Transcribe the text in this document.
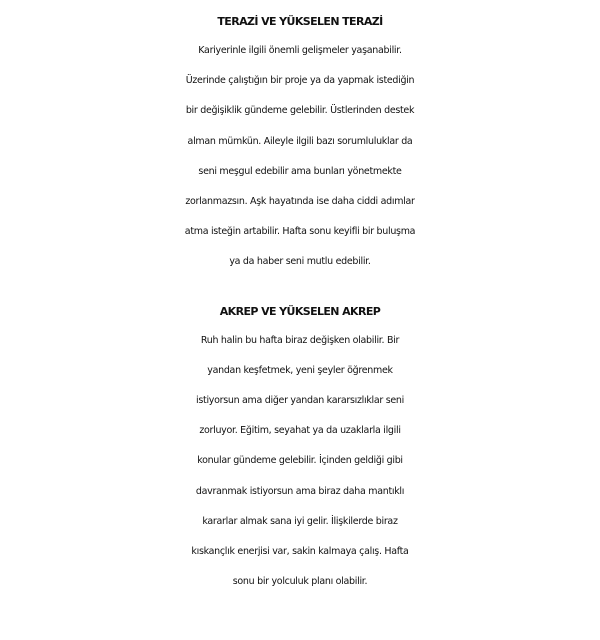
TERAZİ VE YÜKSELEN TERAZİ

Kariyerinle ilgili önemli gelişmeler yaşanabilir.

Üzerinde çalıştığın bir proje ya da yapmak istediğin

bir değişiklik gündeme gelebilir. Üstlerinden destek

alman mümkün. Aileyle ilgili bazı sorumluluklar da

seni meşgul edebilir ama bunları yönetmekte

zorlanmazsın. Aşk hayatında ise daha ciddi adımlar

atma isteğin artabilir. Hafta sonu keyifli bir buluşma

ya da haber seni mutlu edebilir.

AKREP VE YÜKSELEN AKREP

Ruh halin bu hafta biraz değişken olabilir. Bir

yandan keşfetmek, yeni şeyler öğrenmek

istiyorsun ama diğer yandan kararsızlıklar seni

zorluyor. Eğitim, seyahat ya da uzaklarla ilgili

konular gündeme gelebilir. İçinden geldiği gibi

davranmak istiyorsun ama biraz daha mantıklı

kararlar almak sana iyi gelir. İlişkilerde biraz

kıskançlık enerjisi var, sakin kalmaya çalış. Hafta

sonu bir yolculuk planı olabilir.
